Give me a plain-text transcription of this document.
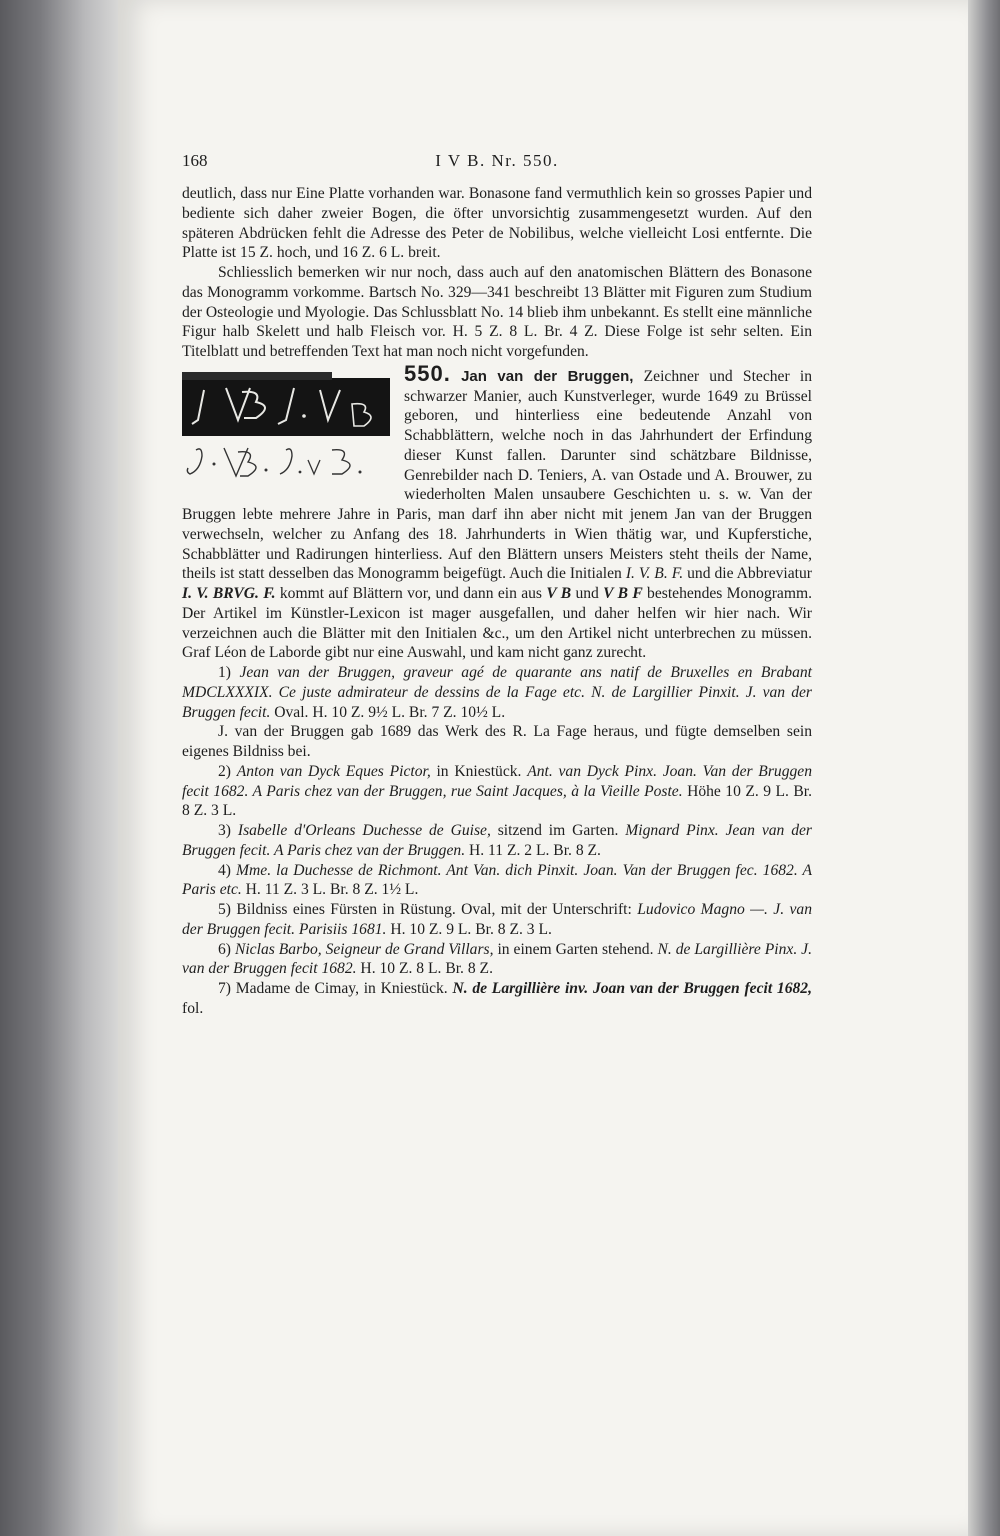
168	I V B. Nr. 550.

deutlich, dass nur Eine Platte vorhanden war. Bonasone fand vermuthlich kein so grosses Papier und bediente sich daher zweier Bogen, die öfter unvorsichtig zusammengesetzt wurden. Auf den späteren Abdrücken fehlt die Adresse des Peter de Nobilibus, welche vielleicht Losi entfernte. Die Platte ist 15 Z. hoch, und 16 Z. 6 L. breit.

Schliesslich bemerken wir nur noch, dass auch auf den anatomischen Blättern des Bonasone das Monogramm vorkomme. Bartsch No. 329—341 beschreibt 13 Blätter mit Figuren zum Studium der Osteologie und Myologie. Das Schlussblatt No. 14 blieb ihm unbekannt. Es stellt eine männliche Figur halb Skelett und halb Fleisch vor. H. 5 Z. 8 L. Br. 4 Z. Diese Folge ist sehr selten. Ein Titelblatt und betreffenden Text hat man noch nicht vorgefunden.

550. Jan van der Bruggen, Zeichner und Stecher in schwarzer Manier, auch Kunstverleger, wurde 1649 zu Brüssel geboren, und hinterliess eine bedeutende Anzahl von Schabblättern, welche noch in das Jahrhundert der Erfindung dieser Kunst fallen. Darunter sind schätzbare Bildnisse, Genrebilder nach D. Teniers, A. van Ostade und A. Brouwer, zu wiederholten Malen unsaubere Geschichten u. s. w. Van der Bruggen lebte mehrere Jahre in Paris, man darf ihn aber nicht mit jenem Jan van der Bruggen verwechseln, welcher zu Anfang des 18. Jahrhunderts in Wien thätig war, und Kupferstiche, Schabblätter und Radirungen hinterliess. Auf den Blättern unsers Meisters steht theils der Name, theils ist statt desselben das Monogramm beigefügt. Auch die Initialen I. V. B. F. und die Abbreviatur I. V. BRVG. F. kommt auf Blättern vor, und dann ein aus V B und V B F bestehendes Monogramm. Der Artikel im Künstler-Lexicon ist mager ausgefallen, und daher helfen wir hier nach. Wir verzeichnen auch die Blätter mit den Initialen &c., um den Artikel nicht unterbrechen zu müssen. Graf Léon de Laborde gibt nur eine Auswahl, und kam nicht ganz zurecht.

1) Jean van der Bruggen, graveur agé de quarante ans natif de Bruxelles en Brabant MDCLXXXIX. Ce juste admirateur de dessins de la Fage etc. N. de Largillier Pinxit. J. van der Bruggen fecit. Oval. H. 10 Z. 9½ L. Br. 7 Z. 10½ L.

J. van der Bruggen gab 1689 das Werk des R. La Fage heraus, und fügte demselben sein eigenes Bildniss bei.

2) Anton van Dyck Eques Pictor, in Kniestück. Ant. van Dyck Pinx. Joan. Van der Bruggen fecit 1682. A Paris chez van der Bruggen, rue Saint Jacques, à la Vieille Poste. Höhe 10 Z. 9 L. Br. 8 Z. 3 L.

3) Isabelle d'Orleans Duchesse de Guise, sitzend im Garten. Mignard Pinx. Jean van der Bruggen fecit. A Paris chez van der Bruggen. H. 11 Z. 2 L. Br. 8 Z.

4) Mme. la Duchesse de Richmont. Ant Van. dich Pinxit. Joan. Van der Bruggen fec. 1682. A Paris etc. H. 11 Z. 3 L. Br. 8 Z. 1½ L.

5) Bildniss eines Fürsten in Rüstung. Oval, mit der Unterschrift: Ludovico Magno —. J. van der Bruggen fecit. Parisiis 1681. H. 10 Z. 9 L. Br. 8 Z. 3 L.

6) Niclas Barbo, Seigneur de Grand Villars, in einem Garten stehend. N. de Largillière Pinx. J. van der Bruggen fecit 1682. H. 10 Z. 8 L. Br. 8 Z.

7) Madame de Cimay, in Kniestück. N. de Largillière inv. Joan van der Bruggen fecit 1682, fol.
